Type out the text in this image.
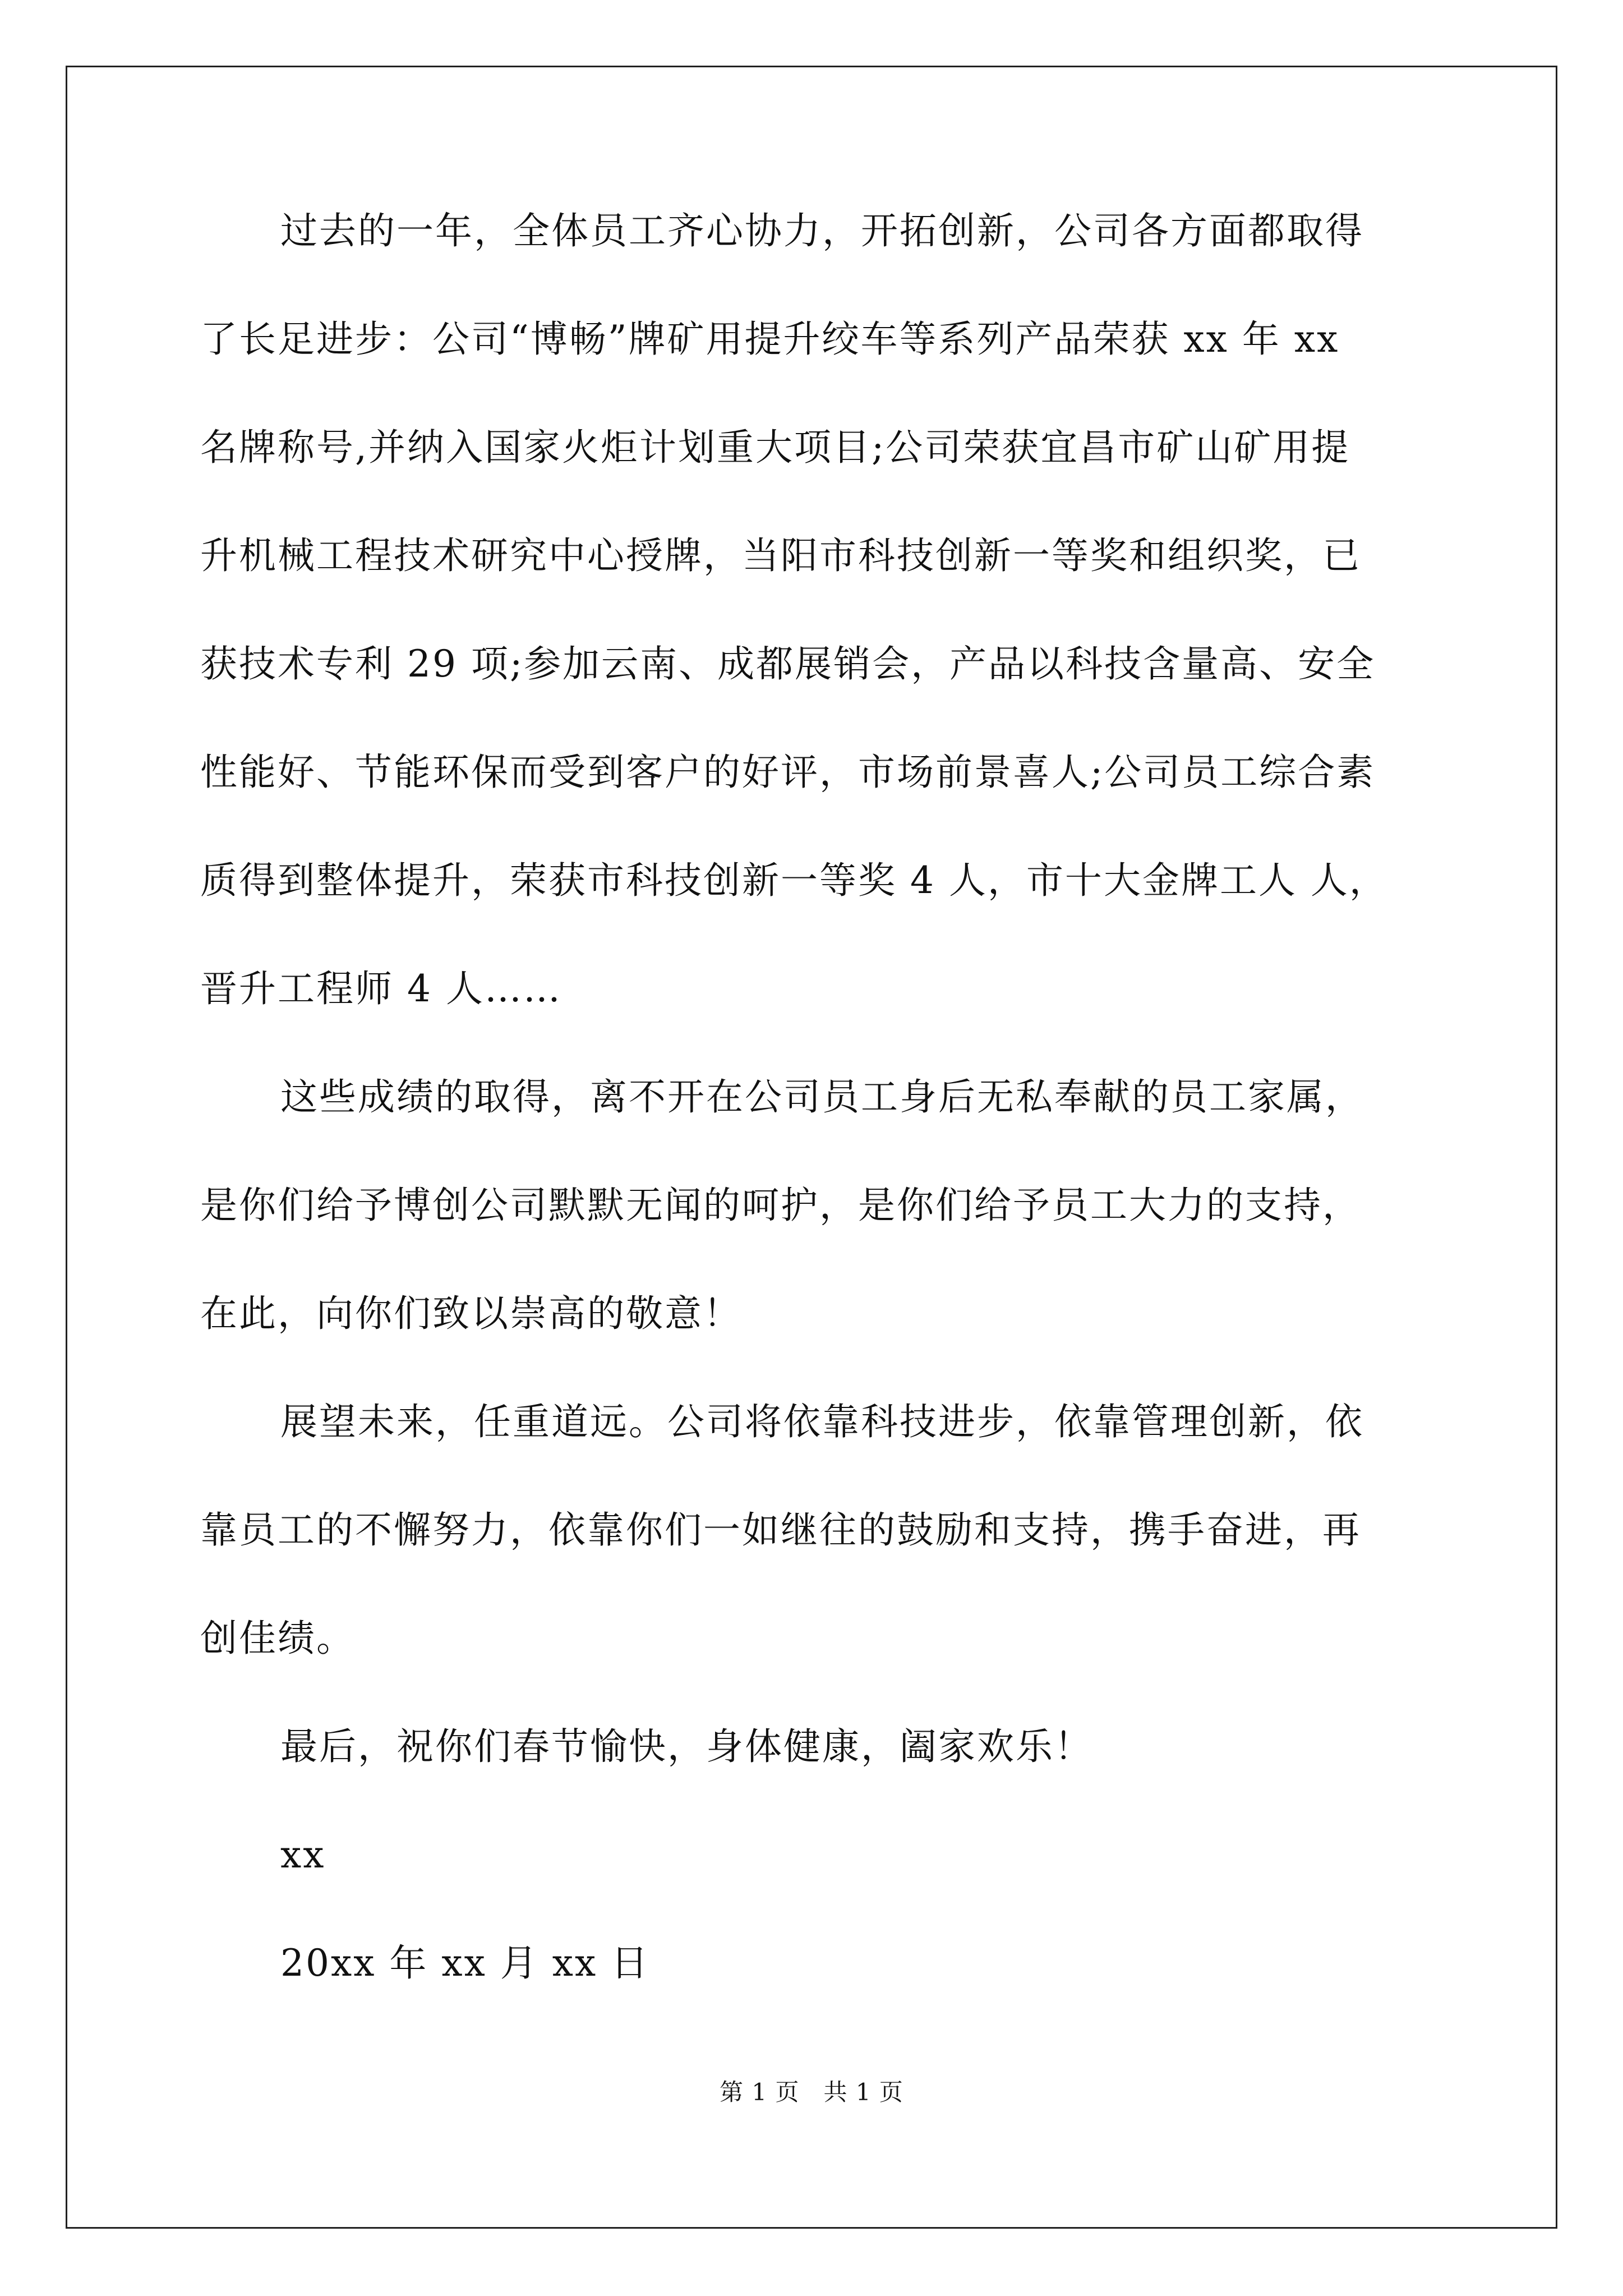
过去的一年，全体员工齐心协力，开拓创新，公司各方面都取得
了长足进步：公司“博畅”牌矿用提升绞车等系列产品荣获 xx 年 xx
名牌称号,并纳入国家火炬计划重大项目;公司荣获宜昌市矿山矿用提
升机械工程技术研究中心授牌，当阳市科技创新一等奖和组织奖，已
获技术专利 29 项;参加云南、成都展销会，产品以科技含量高、安全
性能好、节能环保而受到客户的好评，市场前景喜人;公司员工综合素
质得到整体提升，荣获市科技创新一等奖 4 人，市十大金牌工人 人，
晋升工程师 4 人……
这些成绩的取得，离不开在公司员工身后无私奉献的员工家属，
是你们给予博创公司默默无闻的呵护，是你们给予员工大力的支持，
在此，向你们致以崇高的敬意！
展望未来，任重道远。公司将依靠科技进步，依靠管理创新，依
靠员工的不懈努力，依靠你们一如继往的鼓励和支持，携手奋进，再
创佳绩。
最后，祝你们春节愉快，身体健康，阖家欢乐！
xx
20xx 年 xx 月 xx 日
第 1 页　共 1 页
